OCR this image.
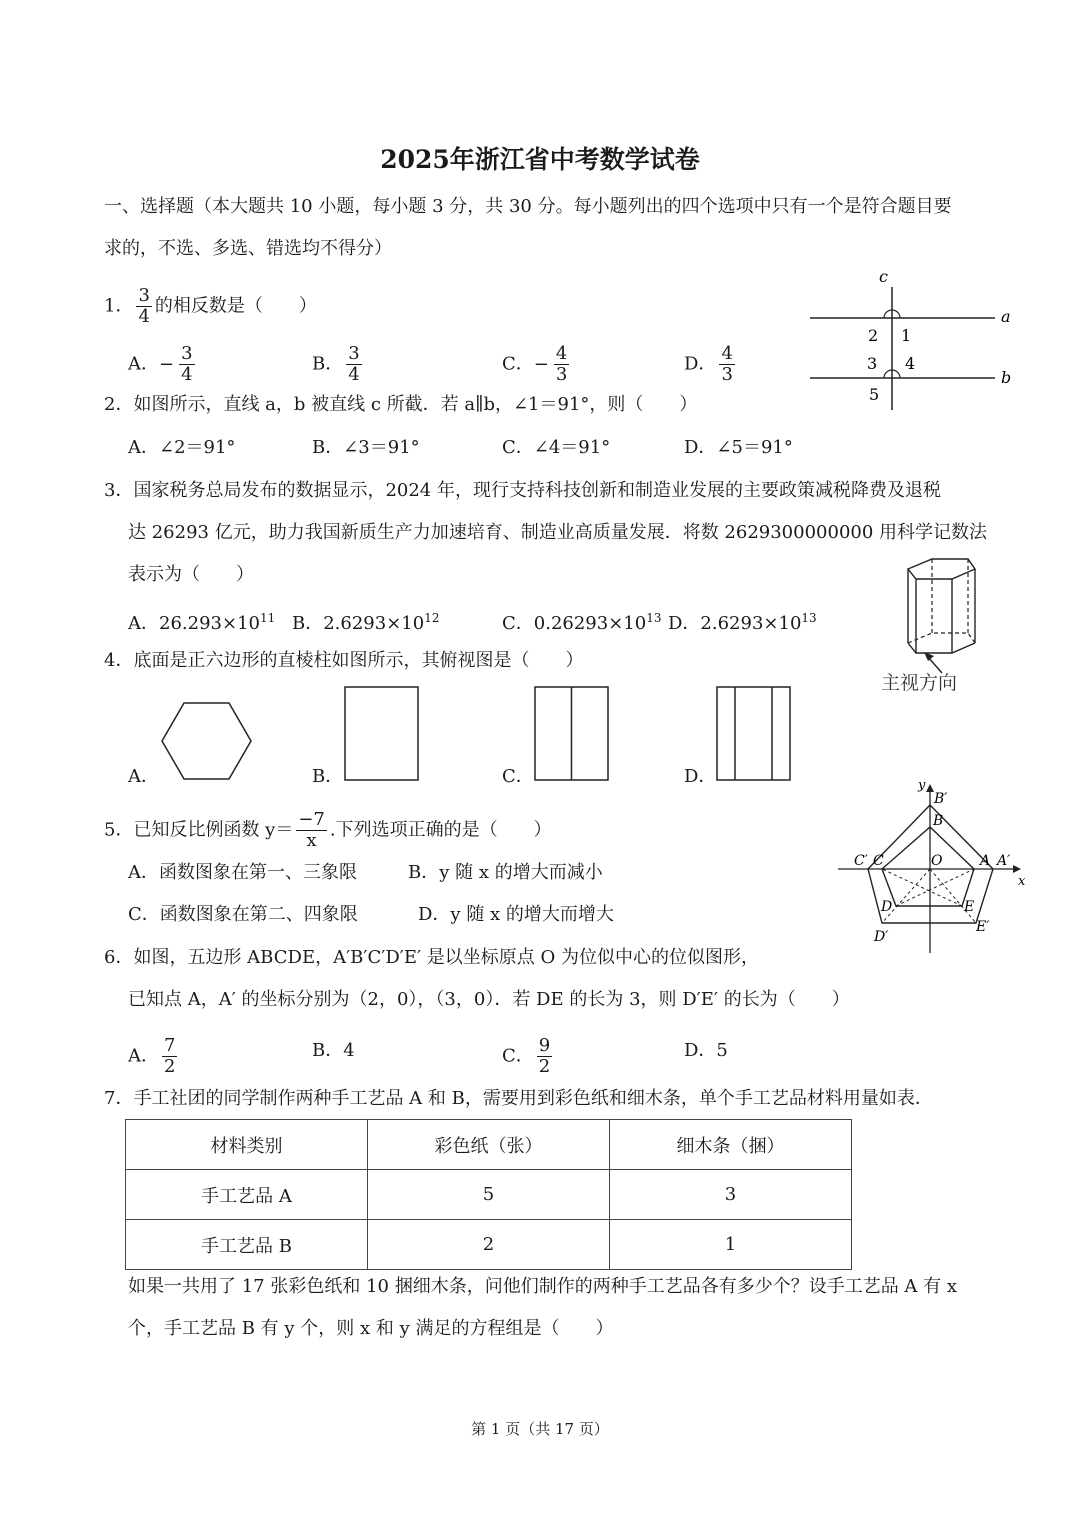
2025年浙江省中考数学试卷
一、选择题（本大题共 10 小题，每小题 3 分，共 30 分。每小题列出的四个选项中只有一个是符合题目要
求的，不选、多选、错选均不得分）
1． $\frac{3}{4}$ 的相反数是（　　）
A．− $\frac{3}{4}$	B． $\frac{3}{4}$	C．− $\frac{4}{3}$	D． $\frac{4}{3}$
c
a
b
1
2
3 4
5
2．如图所示，直线 a，b 被直线 c 所截．若 a∥b，∠1＝91°，则（　　）
A．∠2＝91°	B．∠3＝91°	C．∠4＝91°	D．∠5＝91°
3．国家税务总局发布的数据显示，2024 年，现行支持科技创新和制造业发展的主要政策减税降费及退税
达 26293 亿元，助力我国新质生产力加速培育、制造业高质量发展．将数 2629300000000 用科学记数法
表示为（　　）
A．$26.293\times 10^{11}$ B．$2.6293\times 10^{12}$	C．$0.26293\times 10^{13}$ D．$2.6293\times 10^{13}$
主视方向
4．底面是正六边形的直棱柱如图所示，其俯视图是（　　）
A．	B．	C．	D．	y
x
O	A A′
B
B′
C
C′
D
D′
E
E′
5．已知反比例函数 $y= \frac{-7}{x}$ .下列选项正确的是（　　）
A．函数图象在第一、三象限	B．y 随 x 的增大而减小
C．函数图象在第二、四象限	D．y 随 x 的增大而增大
6．如图，五边形 ABCDE，A′B′C′D′E′ 是以坐标原点 O 为位似中心的位似图形，
已知点 A，A′ 的坐标分别为（2，0），（3，0）．若 DE 的长为 3，则 D′E′ 的长为（　　）
A． $\frac{7}{2}$	B．4	C． $\frac{9}{2}$	D．5
7．手工社团的同学制作两种手工艺品 A 和 B，需要用到彩色纸和细木条，单个手工艺品材料用量如表．
材料类别	彩色纸（张）	细木条（捆）
手工艺品 A	5	3
手工艺品 B	2	1
如果一共用了 17 张彩色纸和 10 捆细木条，问他们制作的两种手工艺品各有多少个？设手工艺品 A 有 x
个，手工艺品 B 有 y 个，则 x 和 y 满足的方程组是（　　）
第 1 页（共 17 页）
